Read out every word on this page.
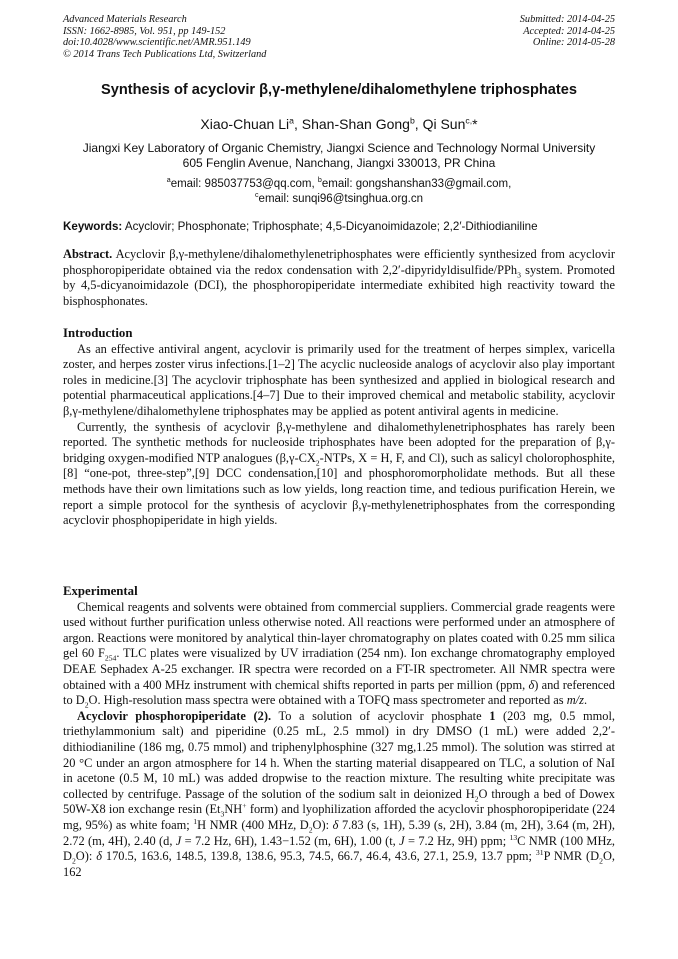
Advanced Materials Research
ISSN: 1662-8985, Vol. 951, pp 149-152
doi:10.4028/www.scientific.net/AMR.951.149
© 2014 Trans Tech Publications Ltd, Switzerland
Submitted: 2014-04-25
Accepted: 2014-04-25
Online: 2014-05-28
Synthesis of acyclovir β,γ-methylene/dihalomethylene triphosphates
Xiao-Chuan Li$^a$, Shan-Shan Gong$^b$, Qi Sun$^{c,}$*
Jiangxi Key Laboratory of Organic Chemistry, Jiangxi Science and Technology Normal University
605 Fenglin Avenue, Nanchang, Jiangxi 330013, PR China
$^a$email: 985037753@qq.com, $^b$email: gongshanshan33@gmail.com,
$^c$email: sunqi96@tsinghua.org.cn
Keywords: Acyclovir; Phosphonate; Triphosphate; 4,5-Dicyanoimidazole; 2,2′-Dithiodianiline

Abstract. Acyclovir β,γ-methylene/dihalomethylenetriphosphates were efficiently synthesized from acyclovir phosphoropiperidate obtained via the redox condensation with 2,2′-dipyridyldisulfide/PPh$_3$ system. Promoted by 4,5-dicyanoimidazole (DCI), the phosphoropiperidate intermediate exhibited high reactivity toward the bisphosphonates.

Introduction

As an effective antiviral angent, acyclovir is primarily used for the treatment of herpes simplex, varicella zoster, and herpes zoster virus infections.[1–2] The acyclic nucleoside analogs of acyclovir also play important roles in medicine.[3] The acyclovir triphosphate has been synthesized and applied in biological research and potential pharmaceutical applications.[4–7] Due to their improved chemical and metabolic stability, acyclovir β,γ-methylene/dihalomethylene triphosphates may be applied as potent antiviral agents in medicine.

Currently, the synthesis of acyclovir β,γ-methylene and dihalomethylenetriphosphates has rarely been reported. The synthetic methods for nucleoside triphosphates have been adopted for the preparation of β,γ-bridging oxygen-modified NTP analogues ($\beta,\gamma-CX_2$-NTPs, X = H, F, and Cl), such as salicyl cholorophosphite,[8] “one-pot, three-step”,[9] DCC condensation,[10] and phosphoromorpholidate methods. But all these methods have their own limitations such as low yields, long reaction time, and tedious purification Herein, we report a simple protocol for the synthesis of acyclovir β,γ-methylenetriphosphates from the corresponding acyclovir phosphopiperidate in high yields.

Experimental

Chemical reagents and solvents were obtained from commercial suppliers. Commercial grade reagents were used without further purification unless otherwise noted. All reactions were performed under an atmosphere of argon. Reactions were monitored by analytical thin-layer chromatography on plates coated with 0.25 mm silica gel 60 $F_{254}$. TLC plates were visualized by UV irradiation (254 nm). Ion exchange chromatography employed DEAE Sephadex A-25 exchanger. IR spectra were recorded on a FT-IR spectrometer. All NMR spectra were obtained with a 400 MHz instrument with chemical shifts reported in parts per million (ppm, δ) and referenced to $D_2O$. High-resolution mass spectra were obtained with a TOFQ mass spectrometer and reported as m/z.

Acyclovir phosphoropiperidate (2). To a solution of acyclovir phosphate 1 (203 mg, 0.5 mmol, triethylammonium salt) and piperidine (0.25 mL, 2.5 mmol) in dry DMSO (1 mL) were added 2,2′-dithiodianiline (186 mg, 0.75 mmol) and triphenylphosphine (327 mg,1.25 mmol). The solution was stirred at 20 °C under an argon atmosphere for 14 h. When the starting material disappeared on TLC, a solution of NaI in acetone (0.5 M, 10 mL) was added dropwise to the reaction mixture. The resulting white precipitate was collected by centrifuge. Passage of the solution of the sodium salt in deionized $H_2O$ through a bed of Dowex 50W-X8 ion exchange resin ($Et_3NH^+$ form) and lyophilization afforded the acyclovir phosphoropiperidate (224 mg, 95%) as white foam; $^1$H NMR (400 MHz, $D_2O$): δ 7.83 (s, 1H), 5.39 (s, 2H), 3.84 (m, 2H), 3.64 (m, 2H), 2.72 (m, 4H), 2.40 (d, J = 7.2 Hz, 6H), 1.43−1.52 (m, 6H), 1.00 (t, J = 7.2 Hz, 9H) ppm; $^{13}$C NMR (100 MHz, $D_2O$): δ 170.5, 163.6, 148.5, 139.8, 138.6, 95.3, 74.5, 66.7, 46.4, 43.6, 27.1, 25.9, 13.7 ppm; $^{31}$P NMR ($D_2O$, 162
